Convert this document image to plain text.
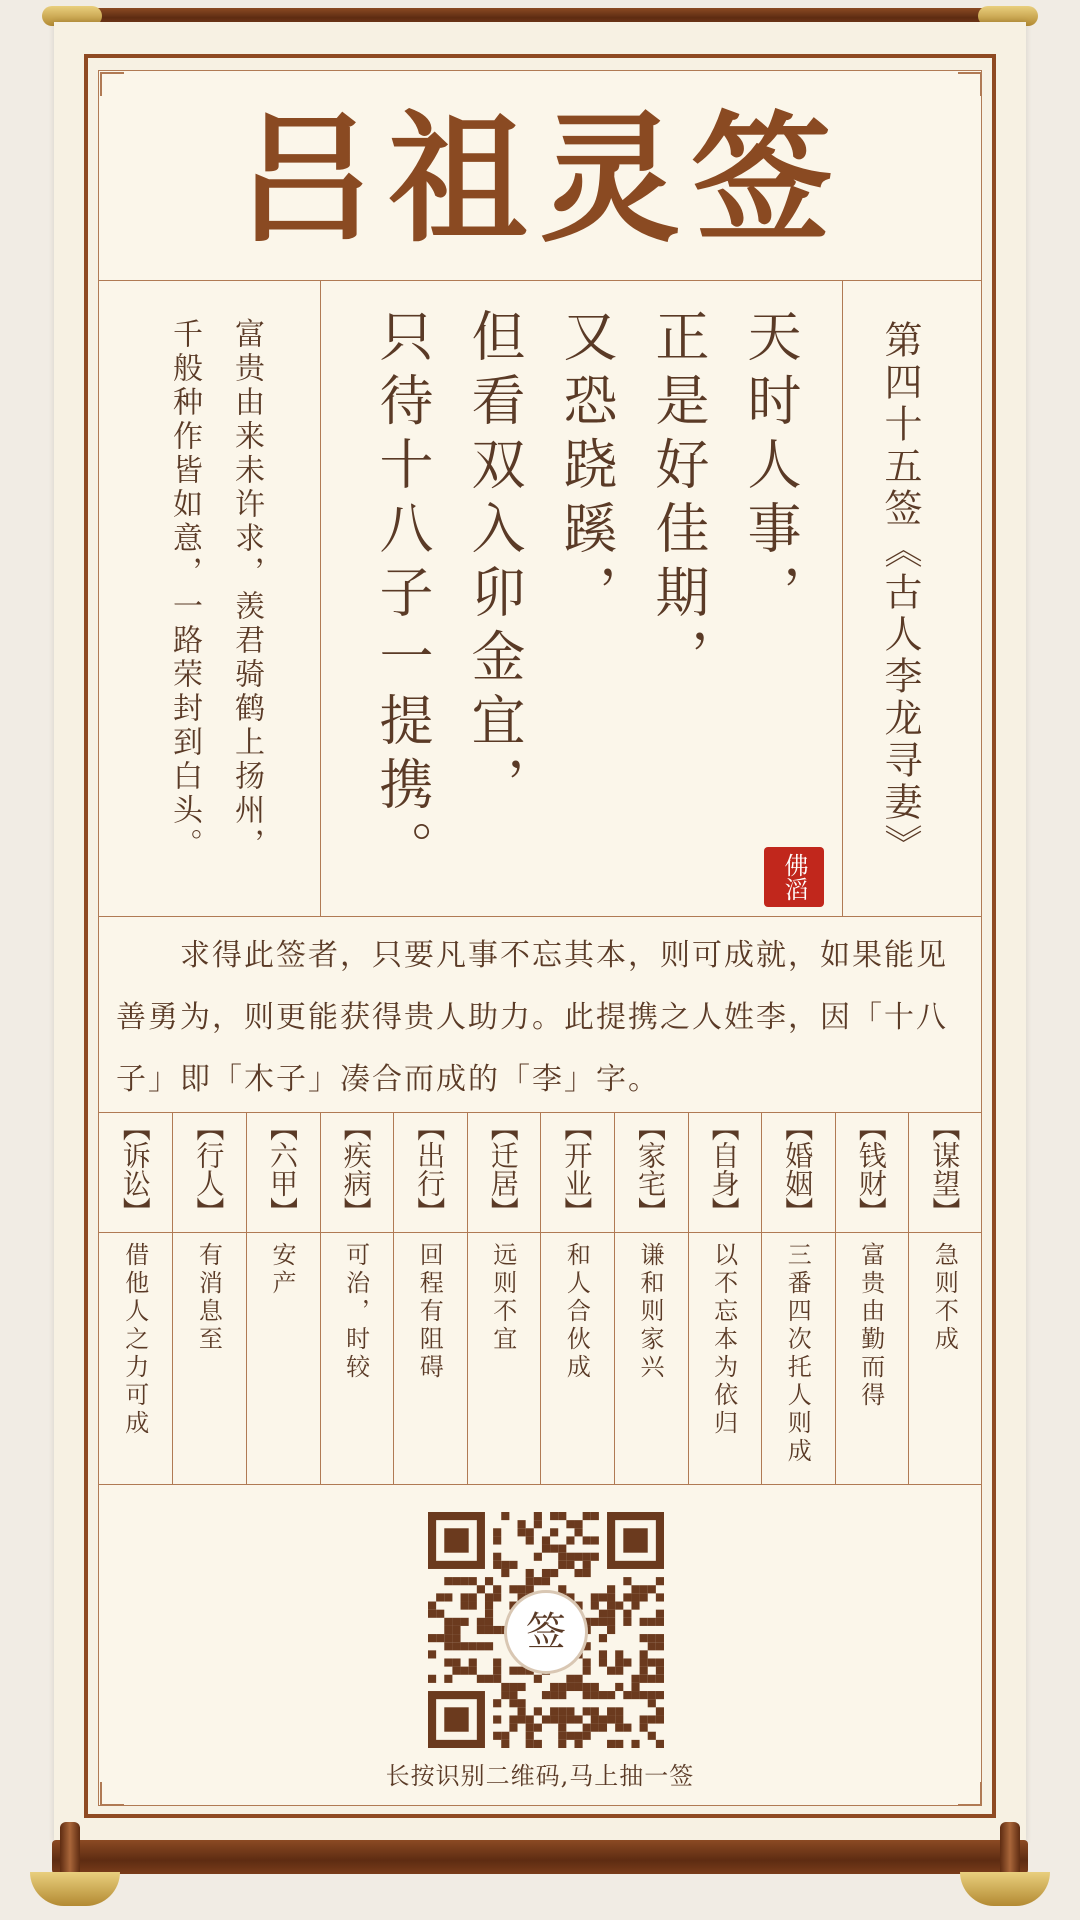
吕祖灵签
第四十五签《古人李龙寻妻》
天时人事，
正是好佳期，
又恐跷蹊，
但看双入卯金宜，
只待十八子一提携。	佛滔
富贵由来未许求，羡君骑鹤上扬州，
千般种作皆如意，一路荣封到白头。
求得此签者，只要凡事不忘其本，则可成就，如果能见善勇为，则更能获得贵人助力。此提携之人姓李，因「十八子」即「木子」凑合而成的「李」字。
【谋望】
急则不成
【钱财】
富贵由勤而得
【婚姻】
三番四次托人则成
【自身】
以不忘本为依归
【家宅】
谦和则家兴
【开业】
和人合伙成
【迁居】
远则不宜
【出行】
回程有阻碍
【疾病】
可治，时较
【六甲】
安产
【行人】
有消息至
【诉讼】
借他人之力可成
签
长按识别二维码,马上抽一签
